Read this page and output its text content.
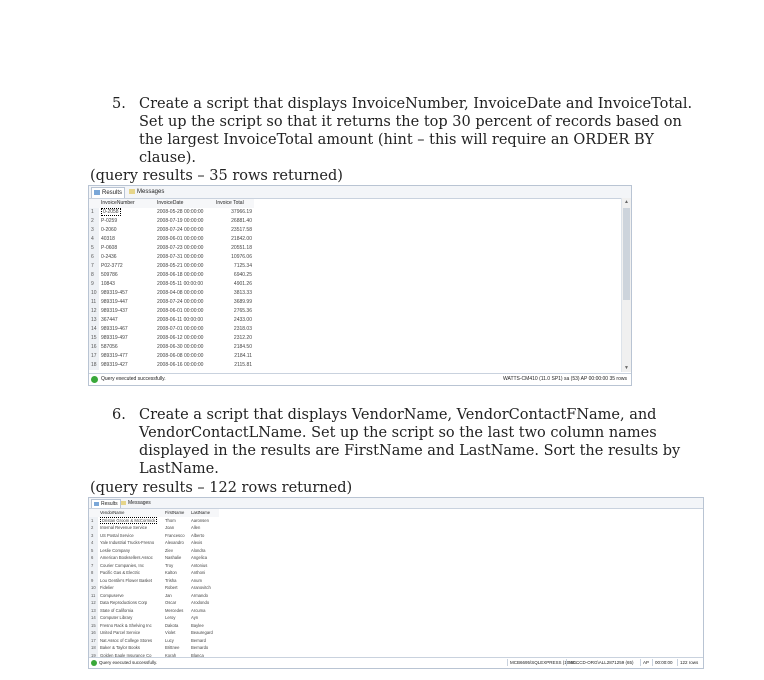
5. Create a script that displays InvoiceNumber, InvoiceDate and InvoiceTotal. Set up the script so that it returns the top 30 percent of records based on the largest InvoiceTotal amount (hint – this will require an ORDER BY clause).
(query results – 35 rows returned)
Results	Messages
	InvoiceNumber	InvoiceDate	Invoice Total
1	0-2058	2008-05-28 00:00:00	37966.19
2	P-0259	2008-07-19 00:00:00	26881.40
3	0-2060	2008-07-24 00:00:00	23517.58
4	40318	2008-06-01 00:00:00	21842.00
5	P-0608	2008-07-23 00:00:00	20551.18
6	0-2436	2008-07-31 00:00:00	10976.06
7	P02-3772	2008-05-21 00:00:00	7125.34
8	509786	2008-06-18 00:00:00	6940.25
9	10843	2008-05-11 00:00:00	4901.26
10	989319-457	2008-04-08 00:00:00	3813.33
11	989319-447	2008-07-24 00:00:00	3689.99
12	989319-437	2008-06-01 00:00:00	2765.36
13	367447	2008-06-11 00:00:00	2433.00
14	989319-467	2008-07-01 00:00:00	2318.03
15	989319-497	2008-06-12 00:00:00	2312.20
16	587056	2008-06-30 00:00:00	2184.50
17	989319-477	2008-06-08 00:00:00	2184.11
18	989319-427	2008-06-16 00:00:00	2115.81
▲
▼
Query executed successfully.	WATTS-CM410 (11.0 SP1) sa (53) AP 00:00:00 35 rows
6. Create a script that displays VendorName, VendorContactFName, and VendorContactLName. Set up the script so the last two column names displayed in the results are FirstName and LastName. Sort the results by LastName.
(query results – 122 rows returned)
Results	Messages
	VendorName	FirstName	LastName
1	Dristan Groom & McCormick	Thom	Aaronsen
2	Internal Revenue Service	Joan	Allen
3	US Postal Service	Francesco	Alberto
4	Yale Industrial Trucks-Fresno	Alexandro	Alexis
5	Leslie Company	Ziev	Alondra
6	American Booksellers Assoc	Nashalie	Angelica
7	Courier Companies, Inc	Troy	Antonius
8	Pacific Gas & Electric	Kalton	Anthoni
9	Lou Gentile's Flower Basket	Trisha	Anum
10	Fidelier	Robert	Aranovitch
11	Compuserve	Jan	Armando
12	Data Reproductions Corp	Oscar	Arodondo
13	State of California	Mercedes	Arcuma
14	Computer Library	Leroy	Ayn
15	Fresno Rack & Shelving Inc	Dakota	Baylee
16	United Parcel Service	Violet	Beauregard
17	Nat Assoc of College Stores	Lucy	Bernard
18	Baker & Taylor Books	Brittnee	Bernardo
19	Golden Eagle Insurance Co	Korah	Blanca
Query executed successfully.	MCB6695\SQLEXPRESS (10.50...
MCCCD-ORG\ALL2871259 (65)	AP	00:00:00	122 rows
